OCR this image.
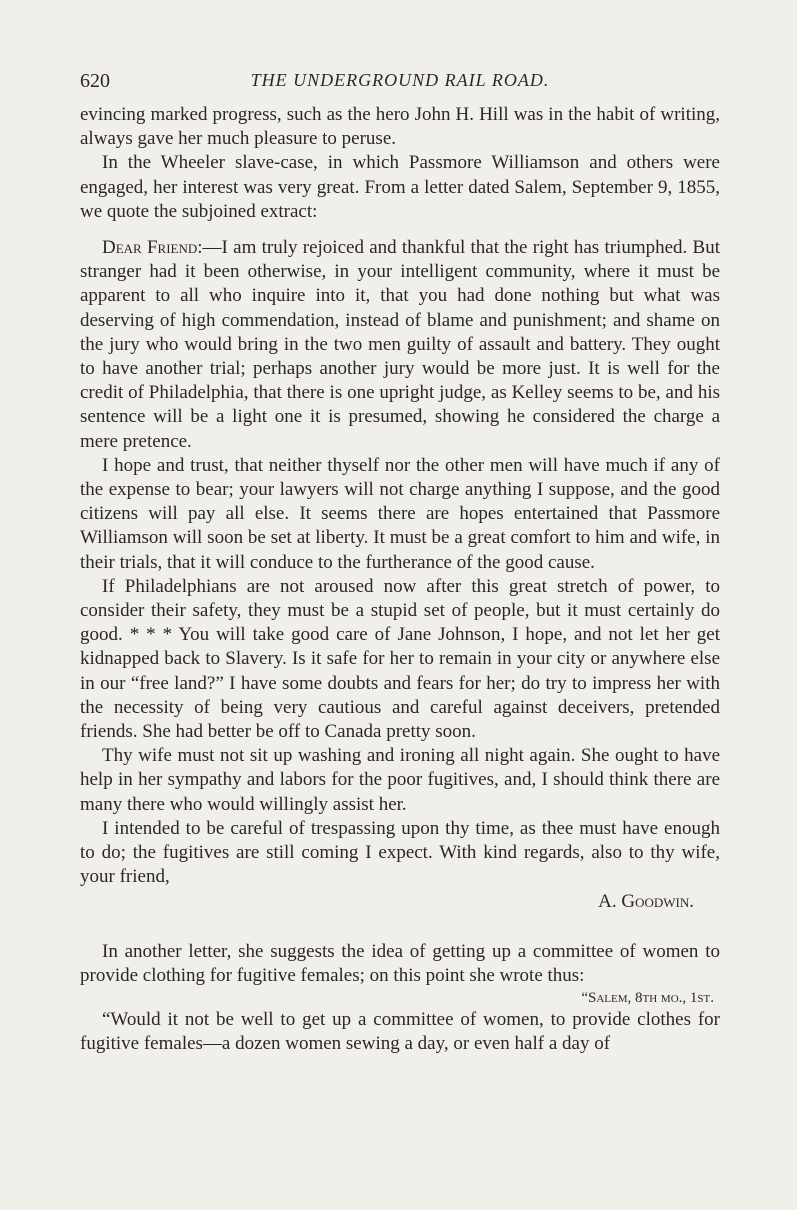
620	THE UNDERGROUND RAIL ROAD.

evincing marked progress, such as the hero John H. Hill was in the habit of writing, always gave her much pleasure to peruse.

In the Wheeler slave-case, in which Passmore Williamson and others were engaged, her interest was very great. From a letter dated Salem, September 9, 1855, we quote the subjoined extract:

Dear Friend:—I am truly rejoiced and thankful that the right has triumphed. But stranger had it been otherwise, in your intelligent community, where it must be apparent to all who inquire into it, that you had done nothing but what was deserving of high commendation, instead of blame and punishment; and shame on the jury who would bring in the two men guilty of assault and battery. They ought to have another trial; perhaps another jury would be more just. It is well for the credit of Philadelphia, that there is one upright judge, as Kelley seems to be, and his sentence will be a light one it is presumed, showing he considered the charge a mere pretence.

I hope and trust, that neither thyself nor the other men will have much if any of the expense to bear; your lawyers will not charge anything I suppose, and the good citizens will pay all else. It seems there are hopes entertained that Passmore Williamson will soon be set at liberty. It must be a great comfort to him and wife, in their trials, that it will conduce to the furtherance of the good cause.

If Philadelphians are not aroused now after this great stretch of power, to consider their safety, they must be a stupid set of people, but it must certainly do good. * * * You will take good care of Jane Johnson, I hope, and not let her get kidnapped back to Slavery. Is it safe for her to remain in your city or anywhere else in our “free land?” I have some doubts and fears for her; do try to impress her with the necessity of being very cautious and careful against deceivers, pretended friends. She had better be off to Canada pretty soon.

Thy wife must not sit up washing and ironing all night again. She ought to have help in her sympathy and labors for the poor fugitives, and, I should think there are many there who would willingly assist her.

I intended to be careful of trespassing upon thy time, as thee must have enough to do; the fugitives are still coming I expect. With kind regards, also to thy wife, your friend,

A. Goodwin.

In another letter, she suggests the idea of getting up a committee of women to provide clothing for fugitive females; on this point she wrote thus:

“Salem, 8th mo., 1st.

“Would it not be well to get up a committee of women, to provide clothes for fugitive females—a dozen women sewing a day, or even half a day of
